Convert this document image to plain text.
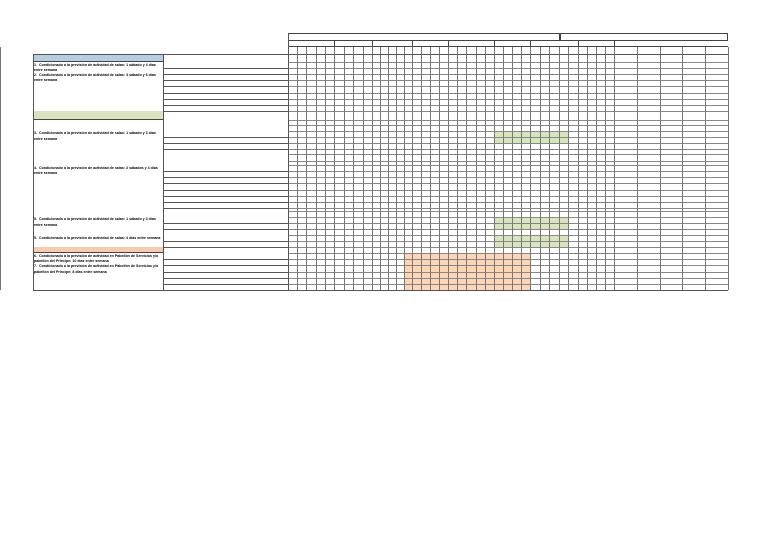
1.  Condicionado a la previsión de actividad de salas: 1 sábado y 4 días entre semana
2.  Condicionado a la previsión de actividad de salas: 3 sábado y 6 días entre semana
3.  Condicionado a la previsión de actividad de salas: 1 sábado y 3 días entre semana
4.  Condicionado a la previsión de actividad de salas: 2 sábados y 4 días entre semana
5.  Condicionado a la previsión de actividad de salas: 1 sábado y 3 días entre semana
5.  Condicionado a la previsión de actividad de salas: 4 días entre semana
6.  Condicionado a la previsión de actividad en Pabellón de Servicios y/o pabellón del Príncipe: 10 días entre semana
7.  Condicionado a la previsión de actividad en Pabellón de Servicios y/o pabellón del Príncipe: 8 días entre semana
